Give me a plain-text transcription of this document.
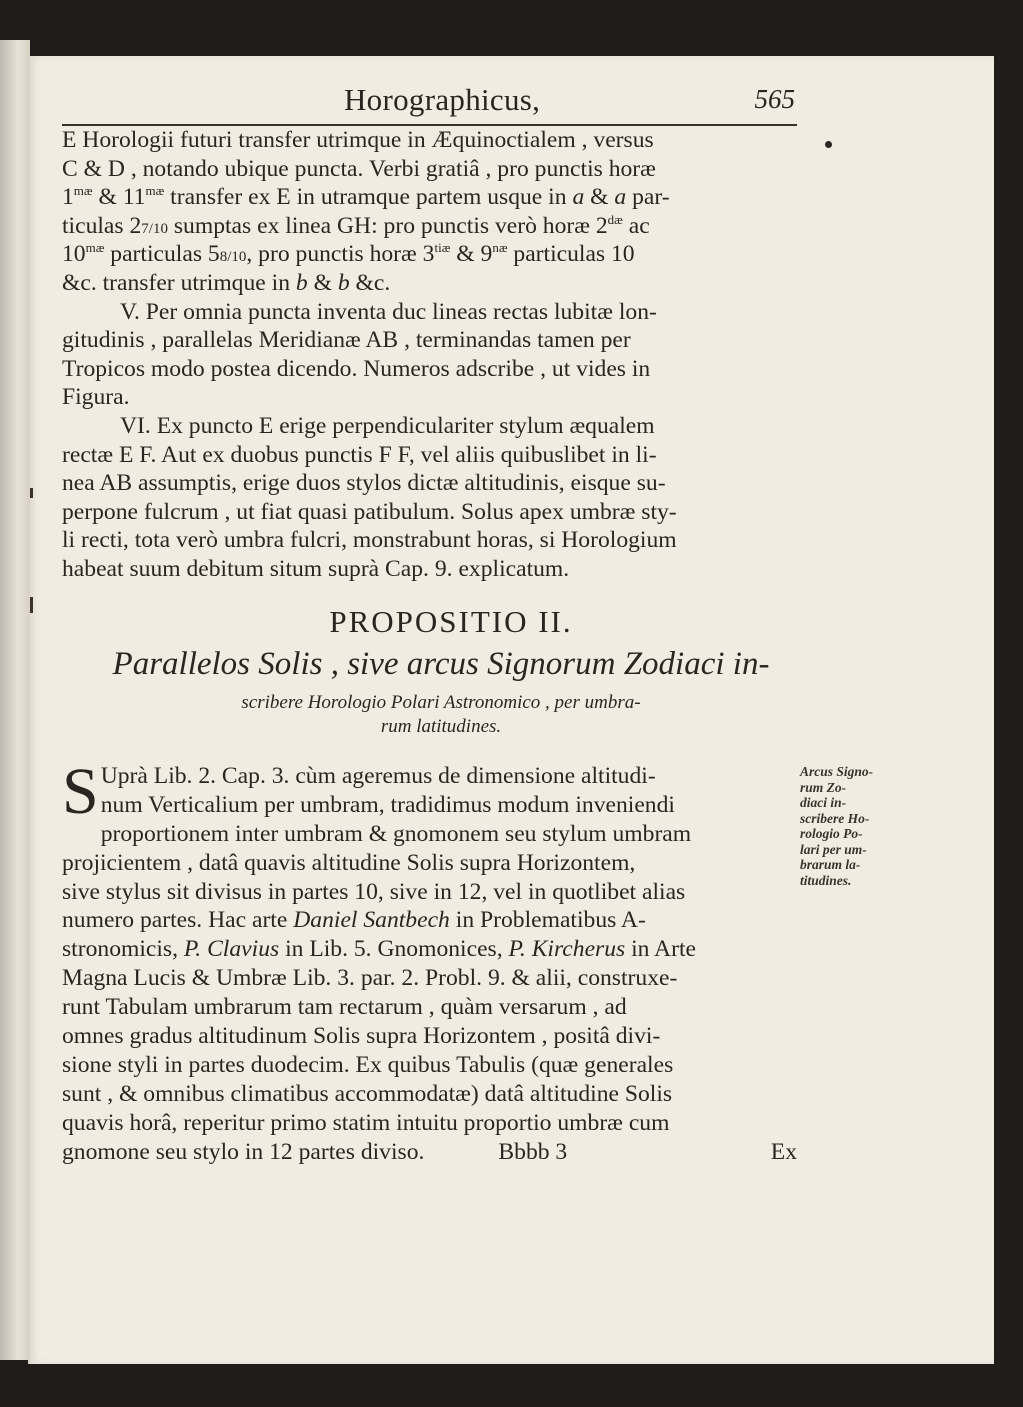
Horographicus,	565
E Horologii futuri transfer utrimque in Æquinoctialem , versus
C & D , notando ubique puncta. Verbi gratiâ , pro punctis horæ
$1^{mæ}$ & $11^{mæ}$ transfer ex E in utramque partem usque in a & a par-
ticulas 27/10 sumptas ex linea GH: pro punctis verò horæ $2^{dæ}$ ac
$10^{mæ}$ particulas 58/10, pro punctis horæ $3^{tiæ}$ & $9^{næ}$ particulas 10
&c. transfer utrimque in b & b &c.
V. Per omnia puncta inventa duc lineas rectas lubitæ lon-
gitudinis , parallelas Meridianæ AB , terminandas tamen per
Tropicos modo postea dicendo. Numeros adscribe , ut vides in
Figura.
VI. Ex puncto E erige perpendiculariter stylum æqualem
rectæ E F. Aut ex duobus punctis F F, vel aliis quibuslibet in li-
nea AB assumptis, erige duos stylos dictæ altitudinis, eisque su-
perpone fulcrum , ut fiat quasi patibulum. Solus apex umbræ sty-
li recti, tota verò umbra fulcri, monstrabunt horas, si Horologium
habeat suum debitum situm suprà Cap. 9. explicatum.
PROPOSITIO II.
Parallelos Solis , sive arcus Signorum Zodiaci in-
scribere Horologio Polari Astronomico , per umbra-
rum latitudines.
S Uprà Lib. 2. Cap. 3. cùm ageremus de dimensione altitudi-
num Verticalium per umbram, tradidimus modum inveniendi
proportionem inter umbram & gnomonem seu stylum umbram
projicientem , datâ quavis altitudine Solis supra Horizontem,
sive stylus sit divisus in partes 10, sive in 12, vel in quotlibet alias
numero partes. Hac arte Daniel Santbech in Problematibus A-
stronomicis, P. Clavius in Lib. 5. Gnomonices, P. Kircherus in Arte
Magna Lucis & Umbræ Lib. 3. par. 2. Probl. 9. & alii, construxe-
runt Tabulam umbrarum tam rectarum , quàm versarum , ad
omnes gradus altitudinum Solis supra Horizontem , positâ divi-
sione styli in partes duodecim. Ex quibus Tabulis (quæ generales
sunt , & omnibus climatibus accommodatæ) datâ altitudine Solis
quavis horâ, reperitur primo statim intuitu proportio umbræ cum
gnomone seu stylo in 12 partes diviso.	Bbbb 3	Ex
Arcus Signo-
rum Zo-
diaci in-
scribere Ho-
rologio Po-
lari per um-
brarum la-
titudines.
